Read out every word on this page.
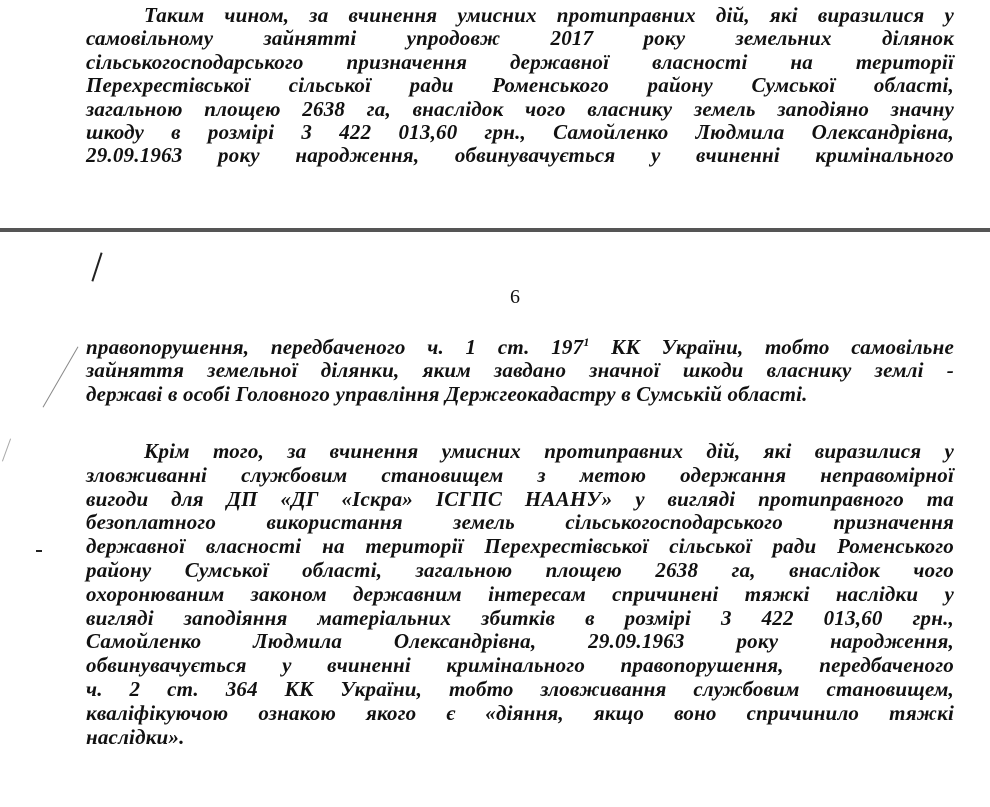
Таким чином, за вчинення умисних протиправних дій, які виразилися у
самовільному зайнятті упродовж 2017 року земельних ділянок
сільськогосподарського призначення державної власності на території
Перехрестівської сільської ради Роменського району Сумської області,
загальною площею 2638 га, внаслідок чого власнику земель заподіяно значну
шкоду в розмірі 3 422 013,60 грн., Самойленко Людмила Олександрівна,
29.09.1963 року народження, обвинувачується у вчиненні кримінального
6
правопорушення, передбаченого ч. 1 ст. $197^1$ КК України, тобто самовільне
зайняття земельної ділянки, яким завдано значної шкоди власнику землі -
державі в особі Головного управління Держгеокадастру в Сумській області.
Крім того, за вчинення умисних протиправних дій, які виразилися у
зловживанні службовим становищем з метою одержання неправомірної
вигоди для ДП «ДГ «Іскра» ІСГПС НААНУ» у вигляді протиправного та
безоплатного використання земель сільськогосподарського призначення
державної власності на території Перехрестівської сільської ради Роменського
району Сумської області, загальною площею 2638 га, внаслідок чого
охоронюваним законом державним інтересам спричинені тяжкі наслідки у
вигляді заподіяння матеріальних збитків в розмірі 3 422 013,60 грн.,
Самойленко Людмила Олександрівна, 29.09.1963 року народження,
обвинувачується у вчиненні кримінального правопорушення, передбаченого
ч. 2 ст. 364 КК України, тобто зловживання службовим становищем,
кваліфікуючою ознакою якого є «діяння, якщо воно спричинило тяжкі
наслідки».
